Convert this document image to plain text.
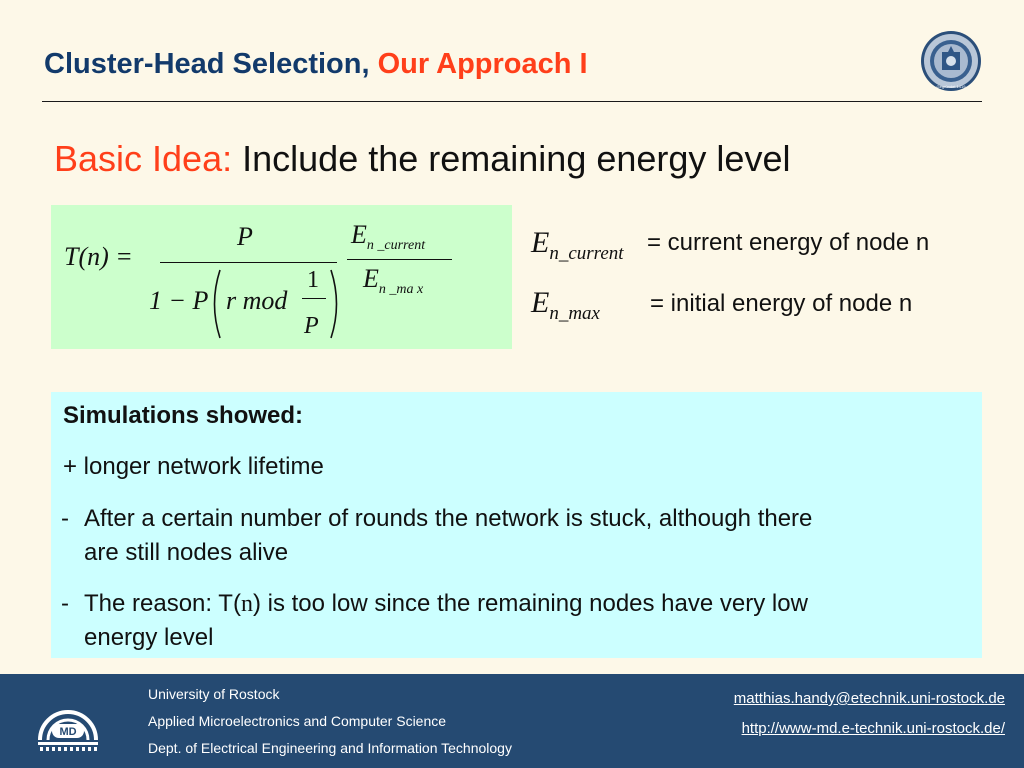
Cluster-Head Selection, Our Approach I
Gegründet 1419
Basic Idea: Include the remaining energy level
T(n) =
P
1 − P r mod
1
P
$E_{n \_current}$
$E_{n \_ma x}$
$E_{n\_current}$ = current energy of node n
$E_{n\_max}$ = initial energy of node n
Simulations showed:
+ longer network lifetime
- After a certain number of rounds the network is stuck, although there
are still nodes alive
- The reason: T(n) is too low since the remaining nodes have very low
energy level
MD
University of Rostock
Applied Microelectronics and Computer Science
Dept. of Electrical Engineering and Information Technology
matthias.handy@etechnik.uni-rostock.de
http://www-md.e-technik.uni-rostock.de/
